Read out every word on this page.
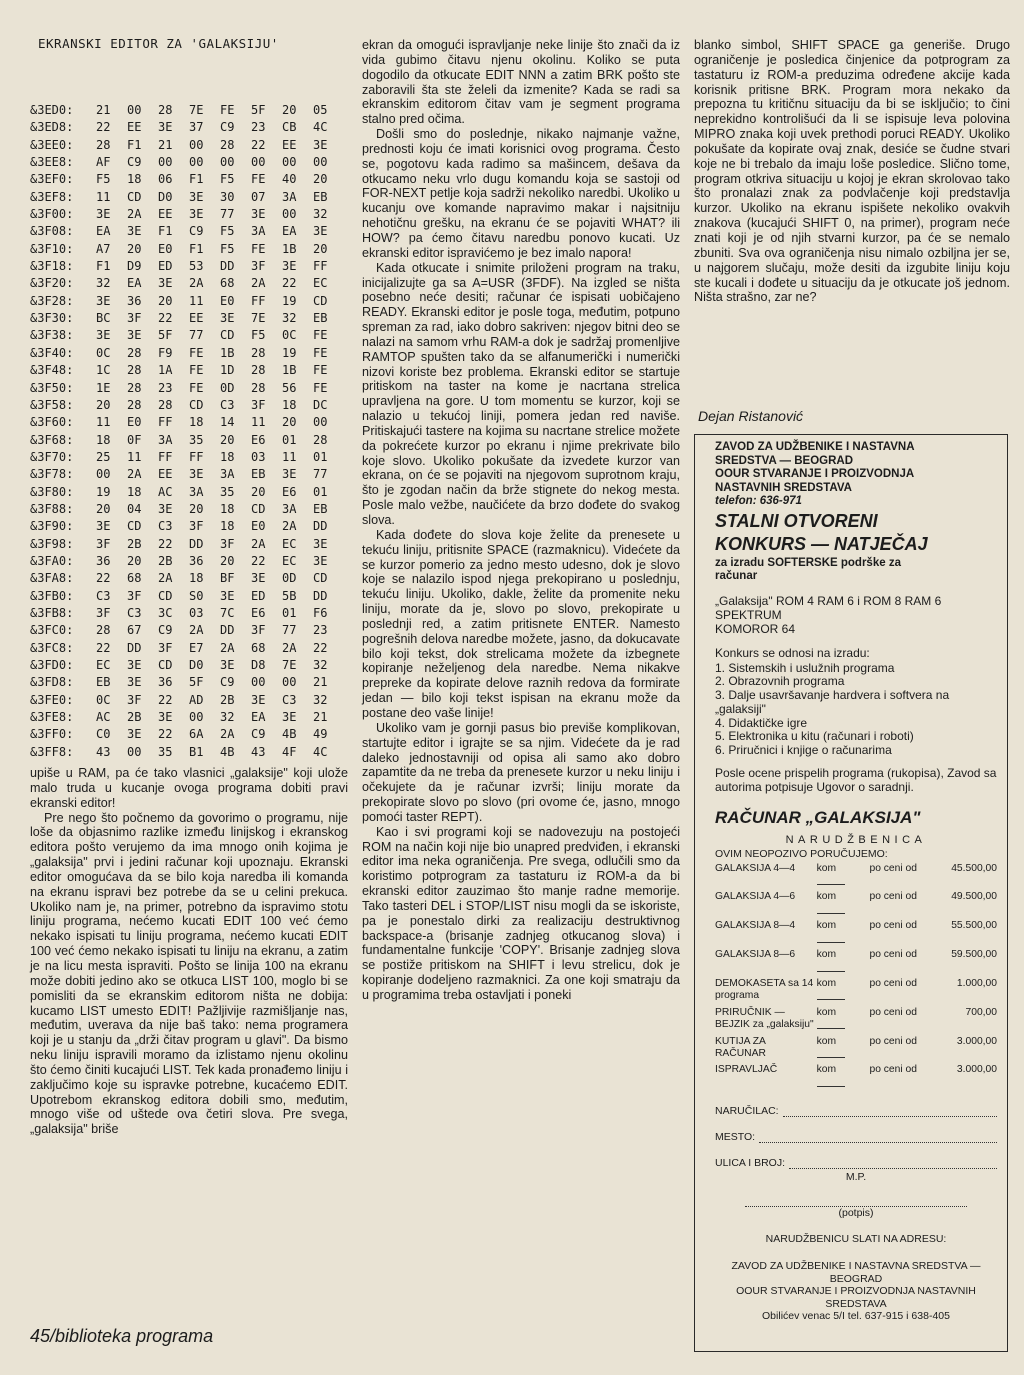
EKRANSKI EDITOR ZA 'GALAKSIJU'
&3ED0:	21	00	28	7E	FE	5F	20	05
&3ED8:	22	EE	3E	37	C9	23	CB	4C
&3EE0:	28	F1	21	00	28	22	EE	3E
&3EE8:	AF	C9	00	00	00	00	00	00
&3EF0:	F5	18	06	F1	F5	FE	40	20
&3EF8:	11	CD	D0	3E	30	07	3A	EB
&3F00:	3E	2A	EE	3E	77	3E	00	32
&3F08:	EA	3E	F1	C9	F5	3A	EA	3E
&3F10:	A7	20	E0	F1	F5	FE	1B	20
&3F18:	F1	D9	ED	53	DD	3F	3E	FF
&3F20:	32	EA	3E	2A	68	2A	22	EC
&3F28:	3E	36	20	11	E0	FF	19	CD
&3F30:	BC	3F	22	EE	3E	7E	32	EB
&3F38:	3E	3E	5F	77	CD	F5	0C	FE
&3F40:	0C	28	F9	FE	1B	28	19	FE
&3F48:	1C	28	1A	FE	1D	28	1B	FE
&3F50:	1E	28	23	FE	0D	28	56	FE
&3F58:	20	28	28	CD	C3	3F	18	DC
&3F60:	11	E0	FF	18	14	11	20	00
&3F68:	18	0F	3A	35	20	E6	01	28
&3F70:	25	11	FF	FF	18	03	11	01
&3F78:	00	2A	EE	3E	3A	EB	3E	77
&3F80:	19	18	AC	3A	35	20	E6	01
&3F88:	20	04	3E	20	18	CD	3A	EB
&3F90:	3E	CD	C3	3F	18	E0	2A	DD
&3F98:	3F	2B	22	DD	3F	2A	EC	3E
&3FA0:	36	20	2B	36	20	22	EC	3E
&3FA8:	22	68	2A	18	BF	3E	0D	CD
&3FB0:	C3	3F	CD	S0	3E	ED	5B	DD
&3FB8:	3F	C3	3C	03	7C	E6	01	F6
&3FC0:	28	67	C9	2A	DD	3F	77	23
&3FC8:	22	DD	3F	E7	2A	68	2A	22
&3FD0:	EC	3E	CD	D0	3E	D8	7E	32
&3FD8:	EB	3E	36	5F	C9	00	00	21
&3FE0:	0C	3F	22	AD	2B	3E	C3	32
&3FE8:	AC	2B	3E	00	32	EA	3E	21
&3FF0:	C0	3E	22	6A	2A	C9	4B	49
&3FF8:	43	00	35	B1	4B	43	4F	4C

upiše u RAM, pa će tako vlasnici „galaksije" koji ulože malo truda u kucanje ovoga programa dobiti pravi ekranski editor!

Pre nego što počnemo da govorimo o programu, nije loše da objasnimo razlike između linijskog i ekranskog editora pošto verujemo da ima mnogo onih kojima je „galaksija" prvi i jedini računar koji upoznaju. Ekranski editor omogućava da se bilo koja naredba ili komanda na ekranu ispravi bez potrebe da se u celini prekuca. Ukoliko nam je, na primer, potrebno da ispravimo stotu liniju programa, nećemo kucati EDIT 100 već ćemo nekako ispisati tu liniju programa, nećemo kucati EDIT 100 već ćemo nekako ispisati tu liniju na ekranu, a zatim je na licu mesta ispraviti. Pošto se linija 100 na ekranu može dobiti jedino ako se otkuca LIST 100, moglo bi se pomisliti da se ekranskim editorom ništa ne dobija: kucamo LIST umesto EDIT! Pažljivije razmišljanje nas, međutim, uverava da nije baš tako: nema programera koji je u stanju da „drži čitav program u glavi". Da bismo neku liniju ispravili moramo da izlistamo njenu okolinu što ćemo činiti kucajući LIST. Tek kada pronađemo liniju i zaključimo koje su ispravke potrebne, kucaćemo EDIT. Upotrebom ekranskog editora dobili smo, međutim, mnogo više od uštede ova četiri slova. Pre svega, „galaksija" briše

45/biblioteka programa

ekran da omogući ispravljanje neke linije što znači da iz vida gubimo čitavu njenu okolinu. Koliko se puta dogodilo da otkucate EDIT NNN a zatim BRK pošto ste zaboravili šta ste želeli da izmenite? Kada se radi sa ekranskim editorom čitav vam je segment programa stalno pred očima.

Došli smo do poslednje, nikako najmanje važne, prednosti koju će imati korisnici ovog programa. Često se, pogotovu kada radimo sa mašincem, dešava da otkucamo neku vrlo dugu komandu koja se sastoji od FOR-NEXT petlje koja sadrži nekoliko naredbi. Ukoliko u kucanju ove komande napravimo makar i najsitniju nehotičnu grešku, na ekranu će se pojaviti WHAT? ili HOW? pa ćemo čitavu naredbu ponovo kucati. Uz ekranski editor ispravićemo je bez imalo napora!

Kada otkucate i snimite priloženi program na traku, inicijalizujte ga sa A=USR (3FDF). Na izgled se ništa posebno neće desiti; računar će ispisati uobičajeno READY. Ekranski editor je posle toga, međutim, potpuno spreman za rad, iako dobro sakriven: njegov bitni deo se nalazi na samom vrhu RAM-a dok je sadržaj promenljive RAMTOP spušten tako da se alfanumerički i numerički nizovi koriste bez problema. Ekranski editor se startuje pritiskom na taster na kome je nacrtana strelica upravljena na gore. U tom momentu se kurzor, koji se nalazio u tekućoj liniji, pomera jedan red naviše. Pritiskajući tastere na kojima su nacrtane strelice možete da pokrećete kurzor po ekranu i njime prekrivate bilo koje slovo. Ukoliko pokušate da izvedete kurzor van ekrana, on će se pojaviti na njegovom suprotnom kraju, što je zgodan način da brže stignete do nekog mesta. Posle malo vežbe, naučićete da brzo dođete do svakog slova.

Kada dođete do slova koje želite da prenesete u tekuću liniju, pritisnite SPACE (razmaknicu). Videćete da se kurzor pomerio za jedno mesto udesno, dok je slovo koje se nalazilo ispod njega prekopirano u poslednju, tekuću liniju. Ukoliko, dakle, želite da promenite neku liniju, morate da je, slovo po slovo, prekopirate u poslednji red, a zatim pritisnete ENTER. Namesto pogrešnih delova naredbe možete, jasno, da dokucavate bilo koji tekst, dok strelicama možete da izbegnete kopiranje neželjenog dela naredbe. Nema nikakve prepreke da kopirate delove raznih redova da formirate jedan — bilo koji tekst ispisan na ekranu može da postane deo vaše linije!

Ukoliko vam je gornji pasus bio previše komplikovan, startujte editor i igrajte se sa njim. Videćete da je rad daleko jednostavniji od opisa ali samo ako dobro zapamtite da ne treba da prenesete kurzor u neku liniju i očekujete da je računar izvrši; liniju morate da prekopirate slovo po slovo (pri ovome će, jasno, mnogo pomoći taster REPT).

Kao i svi programi koji se nadovezuju na postojeći ROM na način koji nije bio unapred predviđen, i ekranski editor ima neka ograničenja. Pre svega, odlučili smo da koristimo potprogram za tastaturu iz ROM-a da bi ekranski editor zauzimao što manje radne memorije. Tako tasteri DEL i STOP/LIST nisu mogli da se iskoriste, pa je ponestalo dirki za realizaciju destruktivnog backspace-a (brisanje zadnjeg otkucanog slova) i fundamentalne funkcije 'COPY'. Brisanje zadnjeg slova se postiže pritiskom na SHIFT i levu strelicu, dok je kopiranje dodeljeno razmaknici. Za one koji smatraju da u programima treba ostavljati i poneki

blanko simbol, SHIFT SPACE ga generiše. Drugo ograničenje je posledica činjenice da potprogram za tastaturu iz ROM-a preduzima određene akcije kada korisnik pritisne BRK. Program mora nekako da prepozna tu kritičnu situaciju da bi se isključio; to čini neprekidno kontrolišući da li se ispisuje leva polovina MIPRO znaka koji uvek prethodi poruci READY. Ukoliko pokušate da kopirate ovaj znak, desiće se čudne stvari koje ne bi trebalo da imaju loše posledice. Slično tome, program otkriva situaciju u kojoj je ekran skrolovao tako što pronalazi znak za podvlačenje koji predstavlja kurzor. Ukoliko na ekranu ispišete nekoliko ovakvih znakova (kucajući SHIFT 0, na primer), program neće znati koji je od njih stvarni kurzor, pa će se nemalo zbuniti. Sva ova ograničenja nisu nimalo ozbiljna jer se, u najgorem slučaju, može desiti da izgubite liniju koju ste kucali i dođete u situaciju da je otkucate još jednom. Ništa strašno, zar ne?

Dejan Ristanović
ZAVOD ZA UDŽBENIKE I NASTAVNA
SREDSTVA — BEOGRAD
OOUR STVARANJE I PROIZVODNJA
NASTAVNIH SREDSTAVA
telefon: 636-971
STALNI OTVORENI
KONKURS — NATJEČAJ
za izradu SOFTERSKE podrške za
računar
„Galaksija" ROM 4 RAM 6 i ROM 8 RAM 6
SPEKTRUM
KOMOROR 64
Konkurs se odnosi na izradu:
1. Sistemskih i uslužnih programa
2. Obrazovnih programa
3. Dalje usavršavanje hardvera i softvera na „galaksiji"
4. Didaktičke igre
5. Elektronika u kitu (računari i roboti)
6. Priručnici i knjige o računarima
Posle ocene prispelih programa (rukopisa), Zavod sa autorima potpisuje Ugovor o saradnji.
RAČUNAR „GALAKSIJA"
NARUDŽBENICA
OVIM NEOPOZIVO PORUČUJEMO:
GALAKSIJA 4—4	kom	po ceni od	45.500,00
GALAKSIJA 4—6	kom	po ceni od	49.500,00
GALAKSIJA 8—4	kom	po ceni od	55.500,00
GALAKSIJA 8—6	kom	po ceni od	59.500,00
DEMOKASETA sa 14 programa
kom	po ceni od	1.000,00
PRIRUČNIK — BEJZIK za „galaksiju"
kom	po ceni od	700,00
KUTIJA ZA RAČUNAR
kom	po ceni od	3.000,00
ISPRAVLJAČ	kom	po ceni od	3.000,00
NARUČILAC:
MESTO:
ULICA I BROJ:
M.P.
(potpis)
NARUDŽBENICU SLATI NA ADRESU:
ZAVOD ZA UDŽBENIKE I NASTAVNA SREDSTVA —
BEOGRAD
OOUR STVARANJE I PROIZVODNJA NASTAVNIH
SREDSTAVA
Obilićev venac 5/I tel. 637-915 i 638-405
